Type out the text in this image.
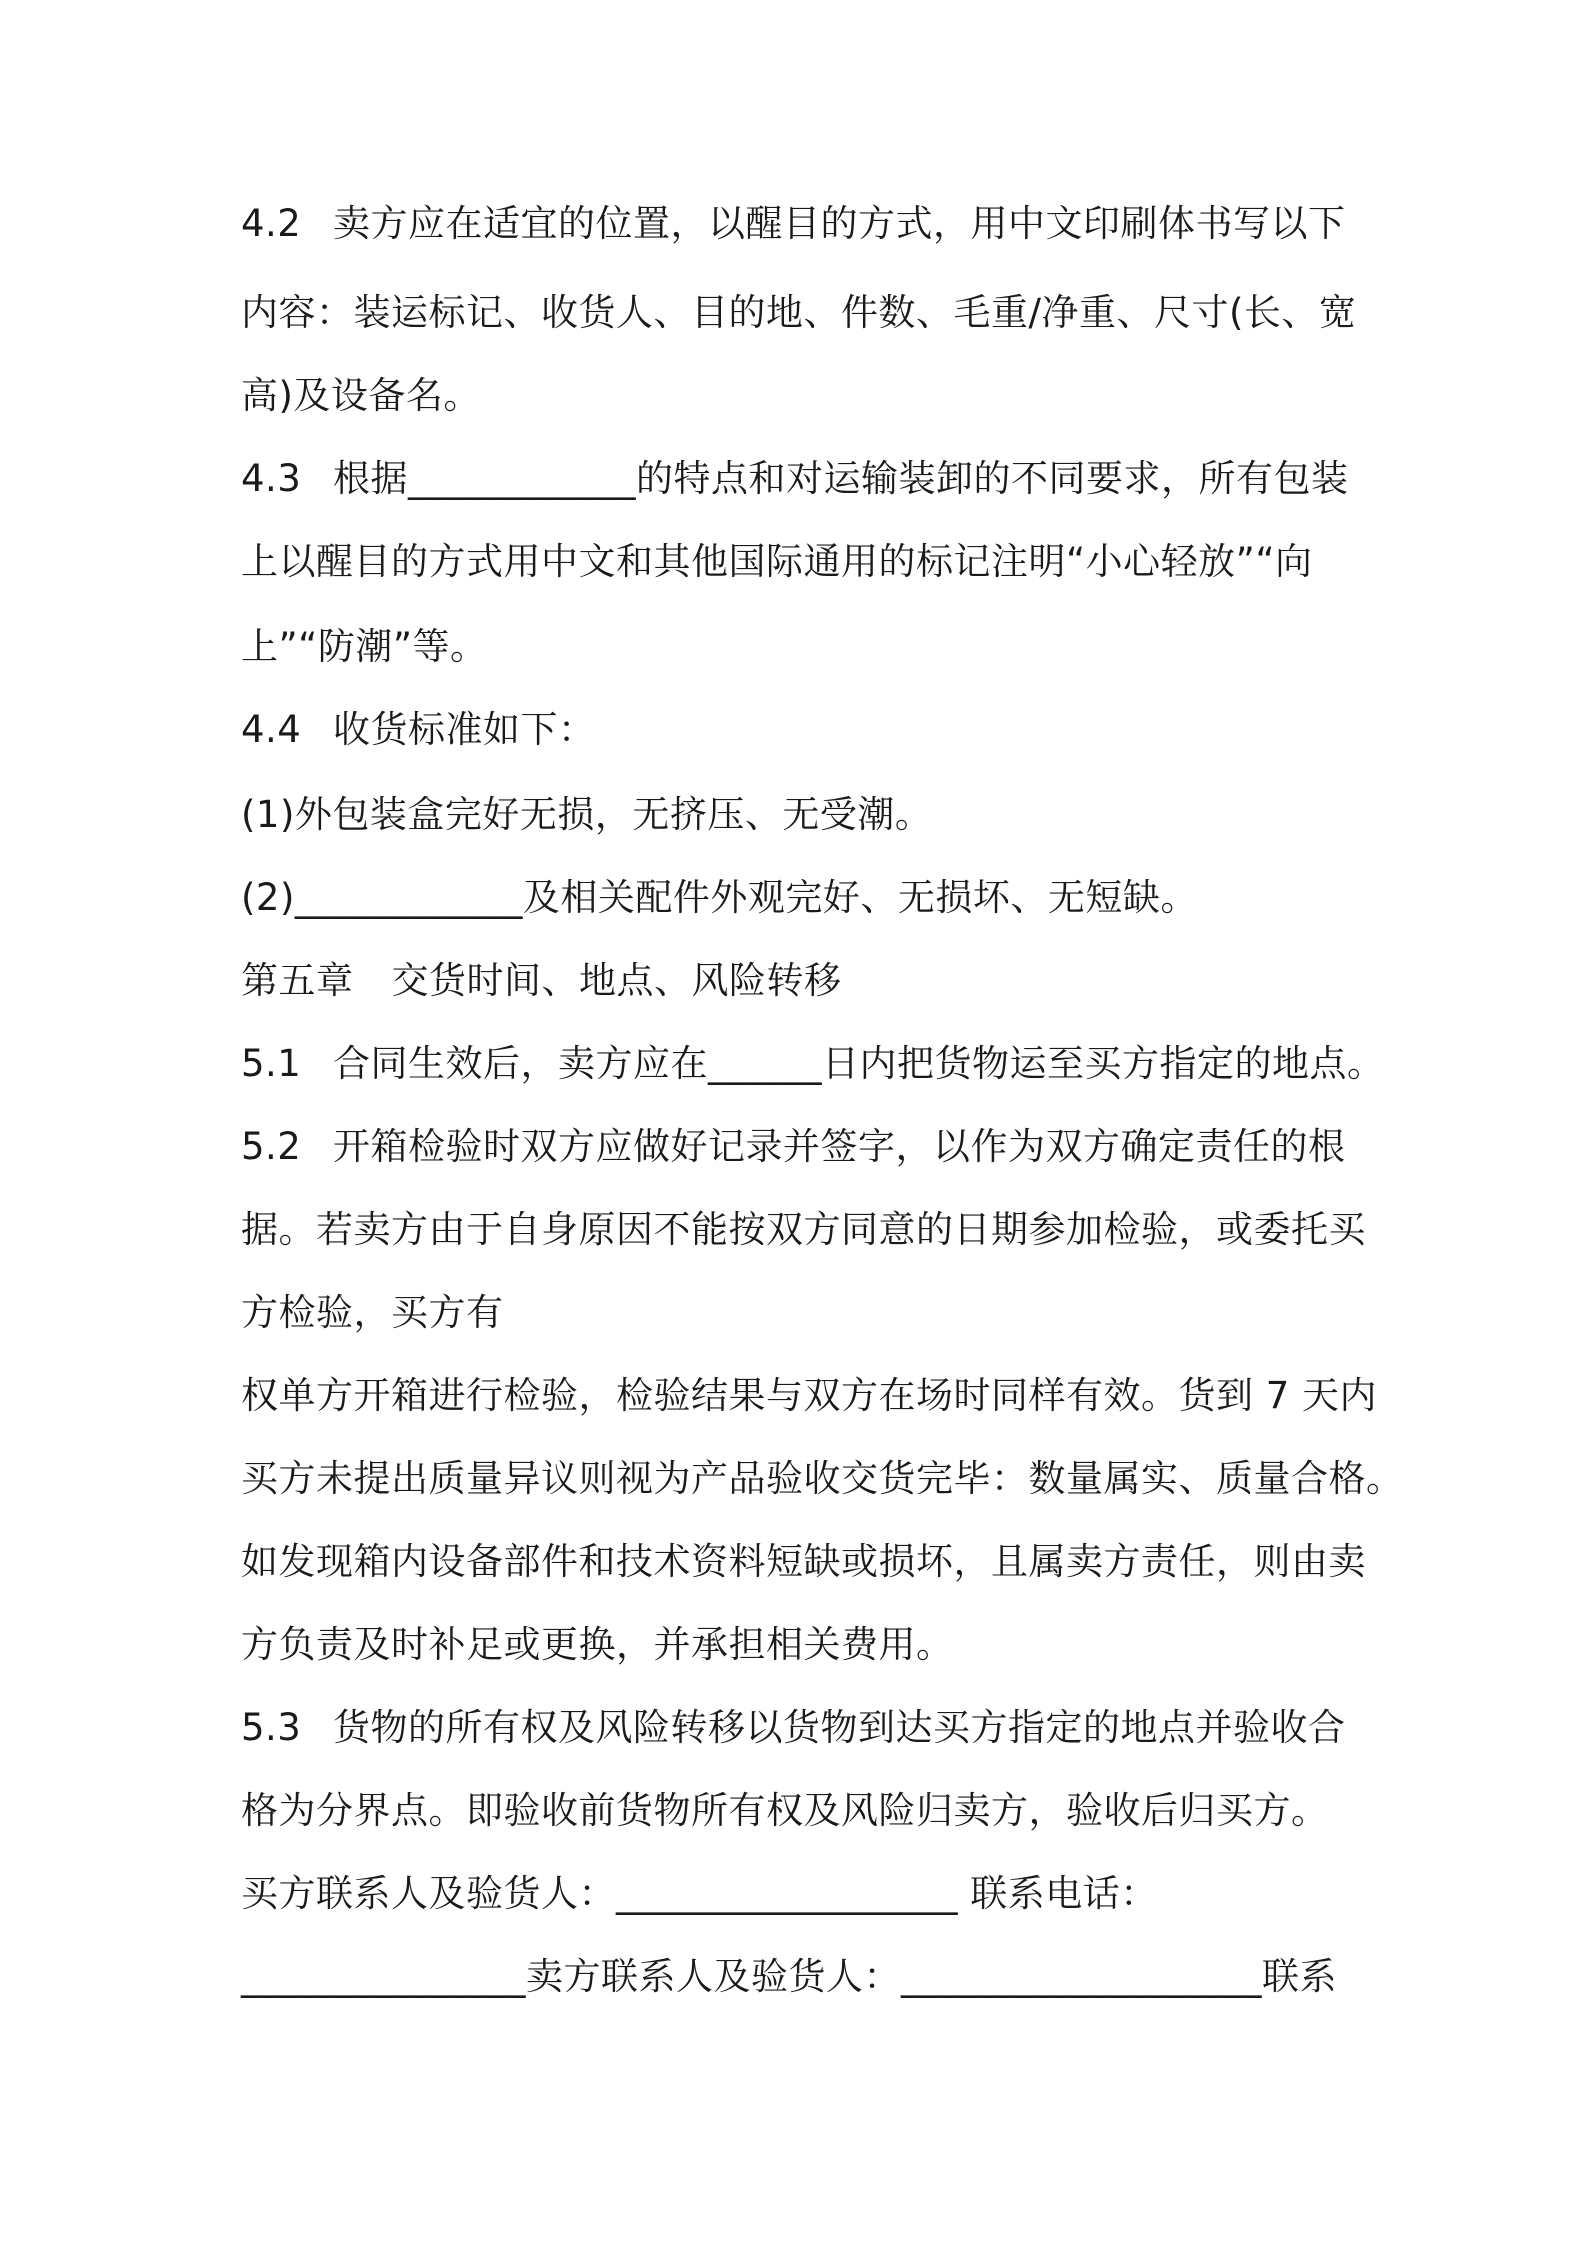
4.2 卖方应在适宜的位置，以醒目的方式，用中文印刷体书写以下
内容：装运标记、收货人、目的地、件数、毛重/净重、尺寸(长、宽
高)及设备名。
4.3 根据____________的特点和对运输装卸的不同要求，所有包装
上以醒目的方式用中文和其他国际通用的标记注明“小心轻放”“向
上”“防潮”等。
4.4 收货标准如下：
(1)外包装盒完好无损，无挤压、无受潮。
(2)____________及相关配件外观完好、无损坏、无短缺。
第五章 交货时间、地点、风险转移
5.1 合同生效后，卖方应在______日内把货物运至买方指定的地点。
5.2 开箱检验时双方应做好记录并签字，以作为双方确定责任的根
据。若卖方由于自身原因不能按双方同意的日期参加检验，或委托买
方检验，买方有
权单方开箱进行检验，检验结果与双方在场时同样有效。货到 7 天内
买方未提出质量异议则视为产品验收交货完毕：数量属实、质量合格。
如发现箱内设备部件和技术资料短缺或损坏，且属卖方责任，则由卖
方负责及时补足或更换，并承担相关费用。
5.3 货物的所有权及风险转移以货物到达买方指定的地点并验收合
格为分界点。即验收前货物所有权及风险归卖方，验收后归买方。
买方联系人及验货人：__________________ 联系电话：
_______________卖方联系人及验货人：___________________联系
